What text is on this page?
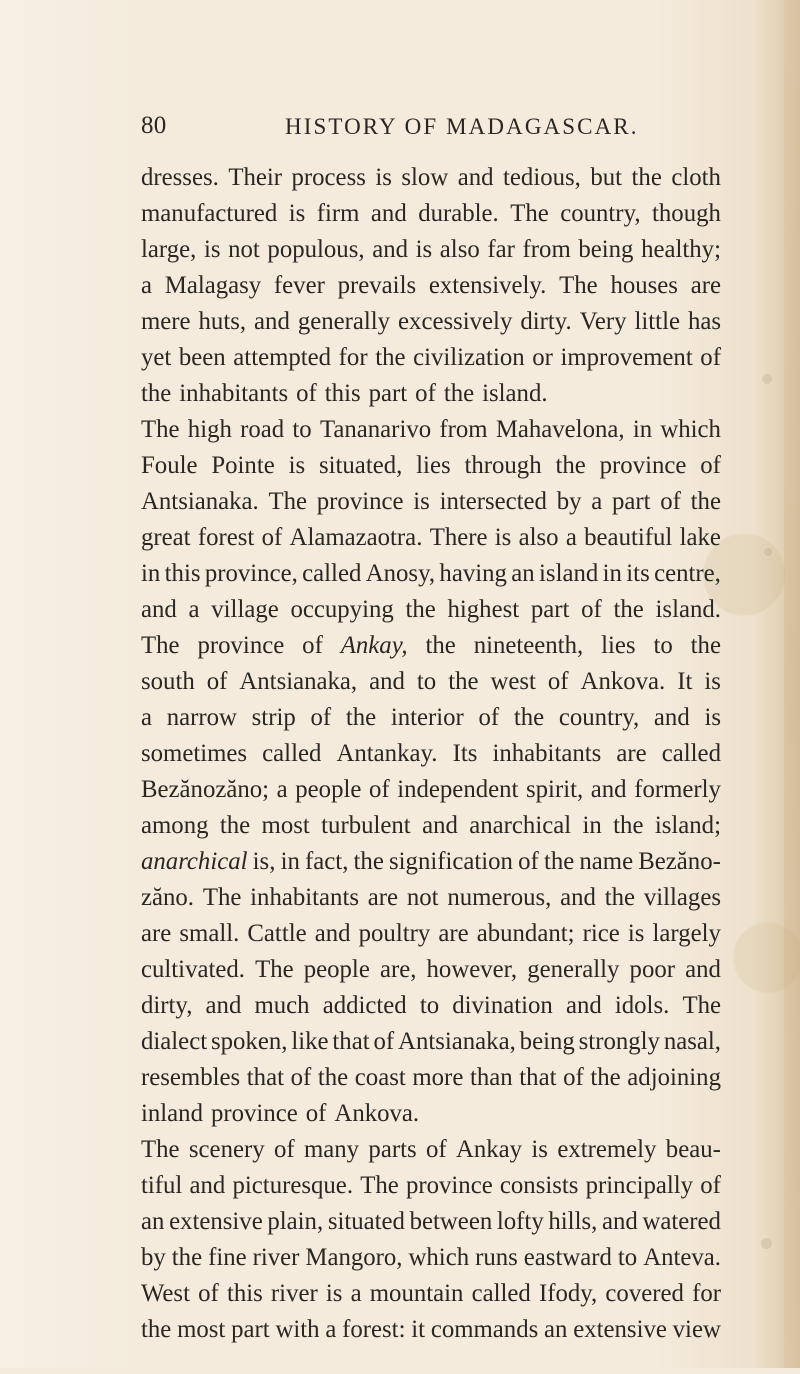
80	HISTORY OF MADAGASCAR.
dresses. Their process is slow and tedious, but the cloth
manufactured is firm and durable. The country, though
large, is not populous, and is also far from being healthy;
a Malagasy fever prevails extensively. The houses are
mere huts, and generally excessively dirty. Very little has
yet been attempted for the civilization or improvement of
the inhabitants of this part of the island.
The high road to Tananarivo from Mahavelona, in which
Foule Pointe is situated, lies through the province of
Antsianaka. The province is intersected by a part of the
great forest of Alamazaotra. There is also a beautiful lake
in this province, called Anosy, having an island in its centre,
and a village occupying the highest part of the island.
The province of Ankay, the nineteenth, lies to the
south of Antsianaka, and to the west of Ankova. It is
a narrow strip of the interior of the country, and is
sometimes called Antankay. Its inhabitants are called
Bezănozăno; a people of independent spirit, and formerly
among the most turbulent and anarchical in the island;
anarchical is, in fact, the signification of the name Bezăno-
zăno. The inhabitants are not numerous, and the villages
are small. Cattle and poultry are abundant; rice is largely
cultivated. The people are, however, generally poor and
dirty, and much addicted to divination and idols. The
dialect spoken, like that of Antsianaka, being strongly nasal,
resembles that of the coast more than that of the adjoining
inland province of Ankova.
The scenery of many parts of Ankay is extremely beau-
tiful and picturesque. The province consists principally of
an extensive plain, situated between lofty hills, and watered
by the fine river Mangoro, which runs eastward to Anteva.
West of this river is a mountain called Ifody, covered for
the most part with a forest: it commands an extensive view
